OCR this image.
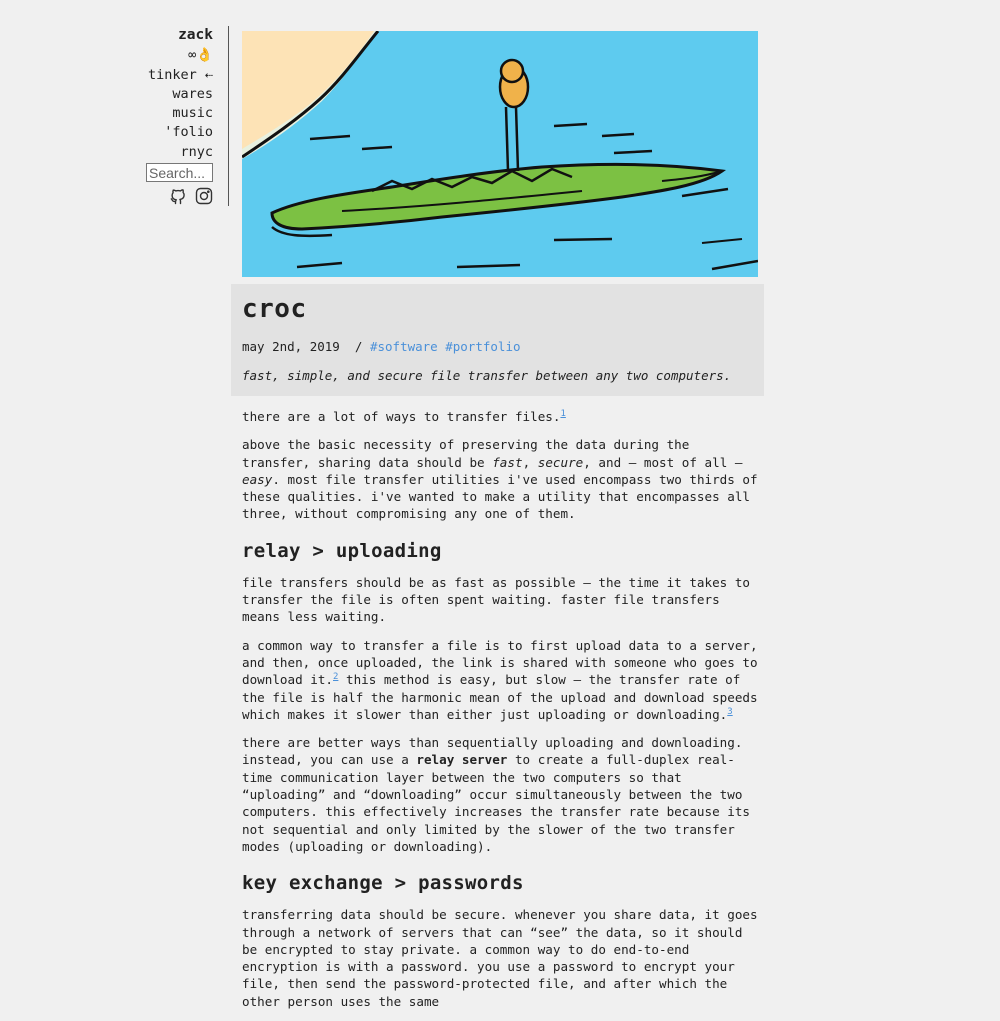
zack
∞👌
tinker ⇠
wares
music
'folio
rnyc
Search...
croc
may 2nd, 2019 / #software #portfolio
fast, simple, and secure file transfer between any two computers.

there are a lot of ways to transfer files.$^1$

above the basic necessity of preserving the data during the transfer, sharing data should be fast, secure, and — most of all — easy. most file transfer utilities i've used encompass two thirds of these qualities. i've wanted to make a utility that encompasses all three, without compromising any one of them.

relay > uploading

file transfers should be as fast as possible — the time it takes to transfer the file is often spent waiting. faster file transfers means less waiting.

a common way to transfer a file is to first upload data to a server, and then, once uploaded, the link is shared with someone who goes to download it.$^2$ this method is easy, but slow — the transfer rate of the file is half the harmonic mean of the upload and download speeds which makes it slower than either just uploading or downloading.$^3$

there are better ways than sequentially uploading and downloading. instead, you can use a relay server to create a full-duplex real-time communication layer between the two computers so that “uploading” and “downloading” occur simultaneously between the two computers. this effectively increases the transfer rate because its not sequential and only limited by the slower of the two transfer modes (uploading or downloading).

key exchange > passwords

transferring data should be secure. whenever you share data, it goes through a network of servers that can “see” the data, so it should be encrypted to stay private. a common way to do end-to-end encryption is with a password. you use a password to encrypt your file, then send the password-protected file, and after which the other person uses the same
